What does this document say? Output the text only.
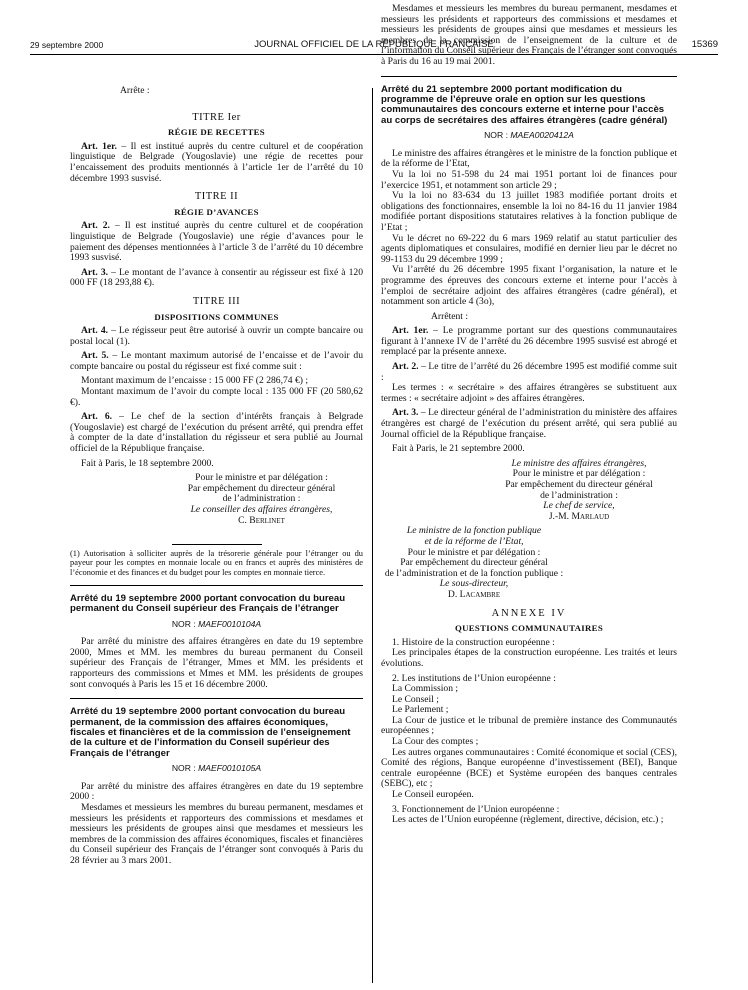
29 septembre 2000	JOURNAL OFFICIEL DE LA RÉPUBLIQUE FRANÇAISE	15369

Arrête :

TITRE Ier

RÉGIE DE RECETTES

Art. 1er. – Il est institué auprès du centre culturel et de coopération linguistique de Belgrade (Yougoslavie) une régie de recettes pour l’encaissement des produits mentionnés à l’article 1er de l’arrêté du 10 décembre 1993 susvisé.

TITRE II

RÉGIE D’AVANCES

Art. 2. – Il est institué auprès du centre culturel et de coopération linguistique de Belgrade (Yougoslavie) une régie d’avances pour le paiement des dépenses mentionnées à l’article 3 de l’arrêté du 10 décembre 1993 susvisé.

Art. 3. – Le montant de l’avance à consentir au régisseur est fixé à 120 000 FF (18 293,88 €).

TITRE III

DISPOSITIONS COMMUNES

Art. 4. – Le régisseur peut être autorisé à ouvrir un compte bancaire ou postal local (1).

Art. 5. – Le montant maximum autorisé de l’encaisse et de l’avoir du compte bancaire ou postal du régisseur est fixé comme suit :

Montant maximum de l’encaisse : 15 000 FF (2 286,74 €) ;

Montant maximum de l’avoir du compte local : 135 000 FF (20 580,62 €).

Art. 6. – Le chef de la section d’intérêts français à Belgrade (Yougoslavie) est chargé de l’exécution du présent arrêté, qui prendra effet à compter de la date d’installation du régisseur et sera publié au Journal officiel de la République française.

Fait à Paris, le 18 septembre 2000.

Pour le ministre et par délégation :

Par empêchement du directeur général

de l’administration :

Le conseiller des affaires étrangères,

C. Berlinet

(1) Autorisation à solliciter auprès de la trésorerie générale pour l’étranger ou du payeur pour les comptes en monnaie locale ou en francs et auprès des ministères de l’économie et des finances et du budget pour les comptes en monnaie tierce.

Arrêté du 19 septembre 2000 portant convocation du bureau permanent du Conseil supérieur des Français de l’étranger

NOR : MAEF0010104A

Par arrêté du ministre des affaires étrangères en date du 19 septembre 2000, Mmes et MM. les membres du bureau permanent du Conseil supérieur des Français de l’étranger, Mmes et MM. les présidents et rapporteurs des commissions et Mmes et MM. les présidents de groupes sont convoqués à Paris les 15 et 16 décembre 2000.

Arrêté du 19 septembre 2000 portant convocation du bureau permanent, de la commission des affaires économiques, fiscales et financières et de la commission de l’enseignement de la culture et de l’information du Conseil supérieur des Français de l’étranger

NOR : MAEF0010105A

Par arrêté du ministre des affaires étrangères en date du 19 septembre 2000 :

Mesdames et messieurs les membres du bureau permanent, mesdames et messieurs les présidents et rapporteurs des commissions et mesdames et messieurs les présidents de groupes ainsi que mesdames et messieurs les membres de la commission des affaires économiques, fiscales et financières du Conseil supérieur des Français de l’étranger sont convoqués à Paris du 28 février au 3 mars 2001.

Mesdames et messieurs les membres du bureau permanent, mesdames et messieurs les présidents et rapporteurs des commissions et mesdames et messieurs les présidents de groupes ainsi que mesdames et messieurs les membres de la commission de l’enseignement de la culture et de l’information du Conseil supérieur des Français de l’étranger sont convoqués à Paris du 16 au 19 mai 2001.

Arrêté du 21 septembre 2000 portant modification du programme de l’épreuve orale en option sur les questions communautaires des concours externe et interne pour l’accès au corps de secrétaires des affaires étrangères (cadre général)

NOR : MAEA0020412A

Le ministre des affaires étrangères et le ministre de la fonction publique et de la réforme de l’Etat,

Vu la loi no 51-598 du 24 mai 1951 portant loi de finances pour l’exercice 1951, et notamment son article 29 ;

Vu la loi no 83-634 du 13 juillet 1983 modifiée portant droits et obligations des fonctionnaires, ensemble la loi no 84-16 du 11 janvier 1984 modifiée portant dispositions statutaires relatives à la fonction publique de l’Etat ;

Vu le décret no 69-222 du 6 mars 1969 relatif au statut particulier des agents diplomatiques et consulaires, modifié en dernier lieu par le décret no 99-1153 du 29 décembre 1999 ;

Vu l’arrêté du 26 décembre 1995 fixant l’organisation, la nature et le programme des épreuves des concours externe et interne pour l’accès à l’emploi de secrétaire adjoint des affaires étrangères (cadre général), et notamment son article 4 (3o),

Arrêtent :

Art. 1er. – Le programme portant sur des questions communautaires figurant à l’annexe IV de l’arrêté du 26 décembre 1995 susvisé est abrogé et remplacé par la présente annexe.

Art. 2. – Le titre de l’arrêté du 26 décembre 1995 est modifié comme suit :

Les termes : « secrétaire » des affaires étrangères se substituent aux termes : « secrétaire adjoint » des affaires étrangères.

Art. 3. – Le directeur général de l’administration du ministère des affaires étrangères est chargé de l’exécution du présent arrêté, qui sera publié au Journal officiel de la République française.

Fait à Paris, le 21 septembre 2000.

Le ministre des affaires étrangères,

Pour le ministre et par délégation :

Par empêchement du directeur général

de l’administration :

Le chef de service,

J.-M. Marlaud

Le ministre de la fonction publique

et de la réforme de l’Etat,

Pour le ministre et par délégation :

Par empêchement du directeur général

de l’administration et de la fonction publique :

Le sous-directeur,

D. Lacambre

ANNEXE IV

QUESTIONS COMMUNAUTAIRES

1. Histoire de la construction européenne :

Les principales étapes de la construction européenne. Les traités et leurs évolutions.

2. Les institutions de l’Union européenne :

La Commission ;

Le Conseil ;

Le Parlement ;

La Cour de justice et le tribunal de première instance des Communautés européennes ;

La Cour des comptes ;

Les autres organes communautaires : Comité économique et social (CES), Comité des régions, Banque européenne d’investissement (BEI), Banque centrale européenne (BCE) et Système européen des banques centrales (SEBC), etc ;

Le Conseil européen.

3. Fonctionnement de l’Union européenne :

Les actes de l’Union européenne (règlement, directive, décision, etc.) ;
